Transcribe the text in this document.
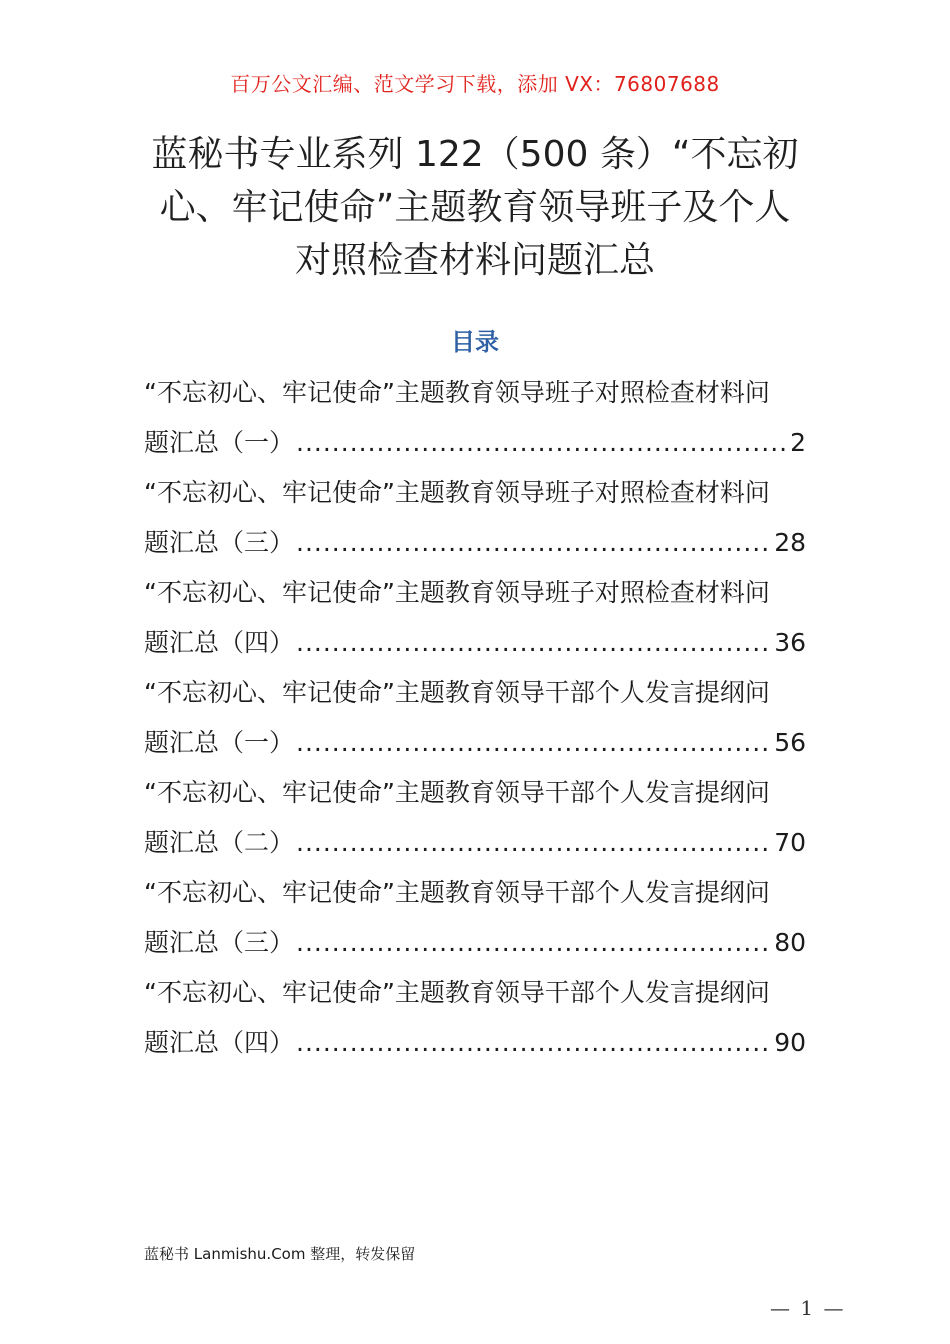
百万公文汇编、范文学习下载，添加 VX：76807688
蓝秘书专业系列 122（500 条）“不忘初
心、牢记使命”主题教育领导班子及个人
对照检查材料问题汇总
目录
“不忘初心、牢记使命”主题教育领导班子对照检查材料问
题汇总（一） .....	2
“不忘初心、牢记使命”主题教育领导班子对照检查材料问
题汇总（三） .....	28
“不忘初心、牢记使命”主题教育领导班子对照检查材料问
题汇总（四） .....	36
“不忘初心、牢记使命”主题教育领导干部个人发言提纲问
题汇总（一） .....	56
“不忘初心、牢记使命”主题教育领导干部个人发言提纲问
题汇总（二） .....	70
“不忘初心、牢记使命”主题教育领导干部个人发言提纲问
题汇总（三） .....	80
“不忘初心、牢记使命”主题教育领导干部个人发言提纲问
题汇总（四） .....	90
蓝秘书 Lanmishu.Com 整理，转发保留
— 1 —
